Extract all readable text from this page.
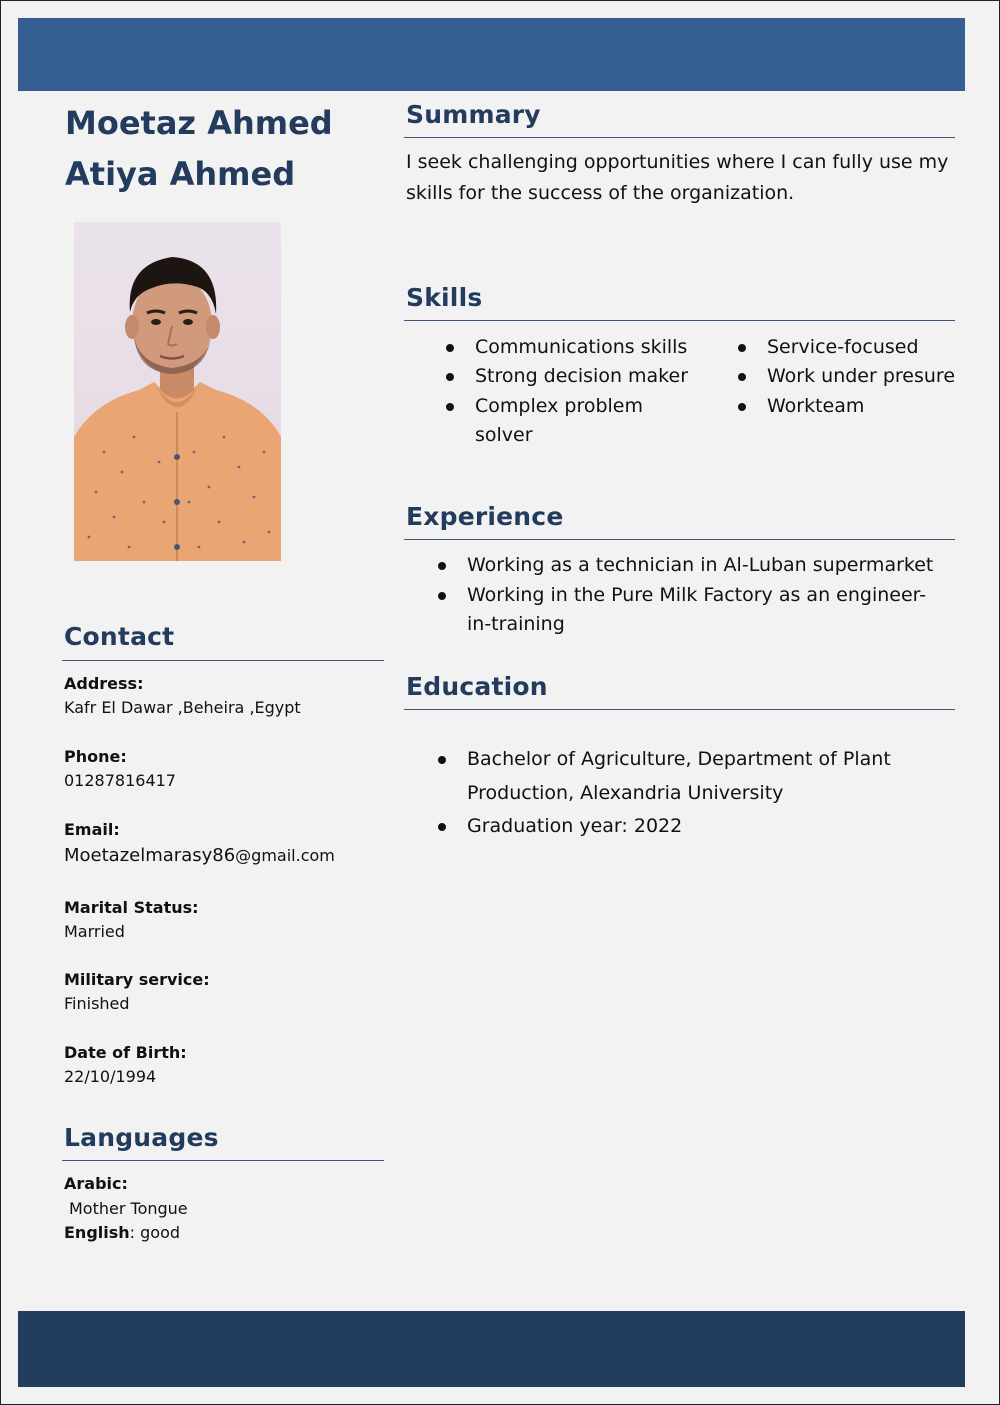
Moetaz Ahmed
Atiya Ahmed
Summary

I seek challenging opportunities where I can fully use my skills for the success of the organization.

Skills
Communications skills
Strong decision maker
Complex problem solver
Service-focused
Work under presure
Workteam
Experience
Working as a technician in Al-Luban supermarket
Working in the Pure Milk Factory as an engineer-in-training
Education
Bachelor of Agriculture, Department of Plant Production, Alexandria University
Graduation year: 2022
Contact
Address:
Kafr El Dawar ,Beheira ,Egypt
Phone:
01287816417
Email:
Moetazelmarasy86@gmail.com
Marital Status:
Married
Military service:
Finished
Date of Birth:
22/10/1994
Languages
Arabic:
Mother Tongue
English: good
